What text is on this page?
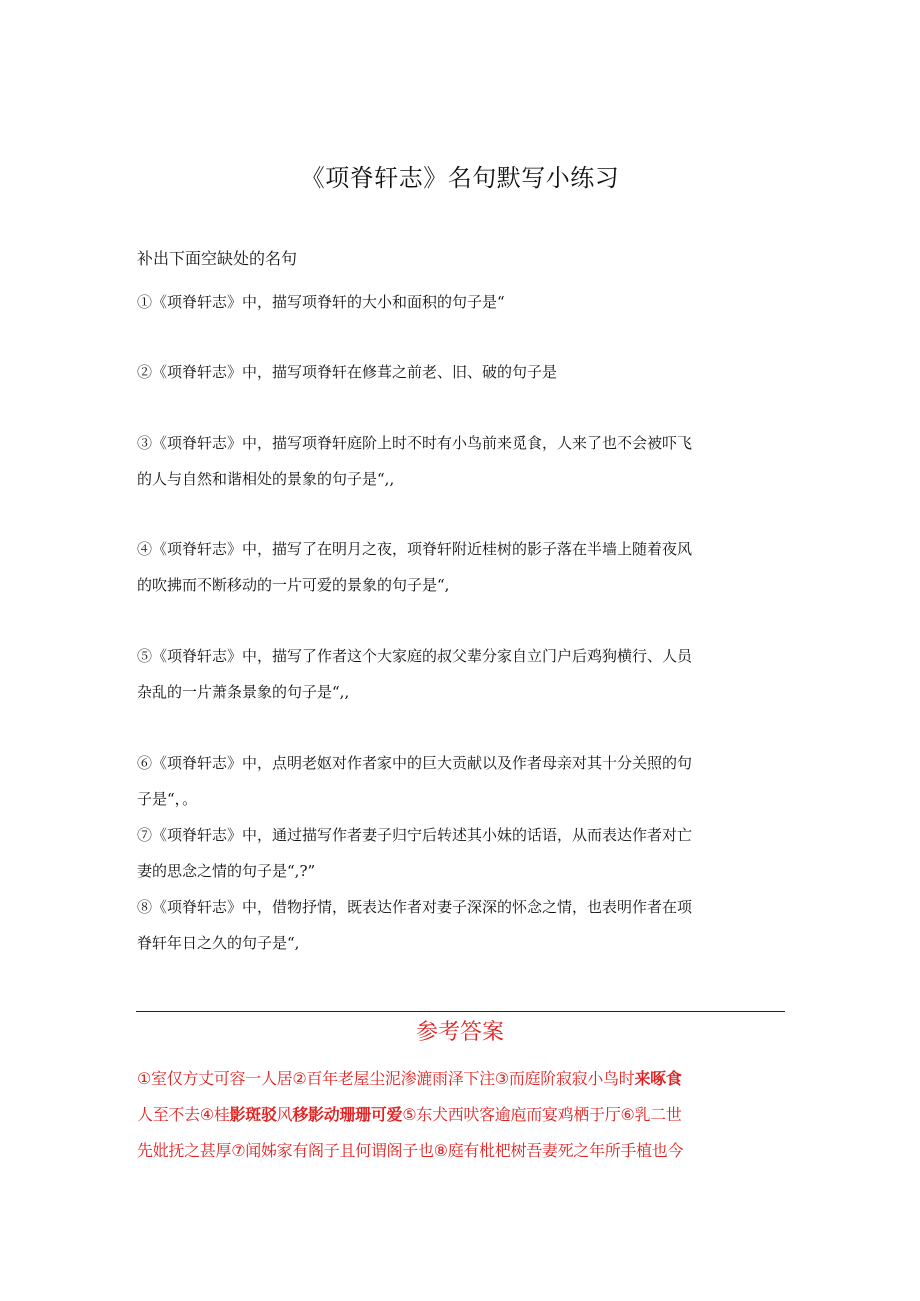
《项脊轩志》名句默写小练习
补出下面空缺处的名句
①《项脊轩志》中，描写项脊轩的大小和面积的句子是“
②《项脊轩志》中，描写项脊轩在修葺之前老、旧、破的句子是
③《项脊轩志》中，描写项脊轩庭阶上时不时有小鸟前来觅食，人来了也不会被吓飞
的人与自然和谐相处的景象的句子是“,,
④《项脊轩志》中，描写了在明月之夜，项脊轩附近桂树的影子落在半墙上随着夜风
的吹拂而不断移动的一片可爱的景象的句子是“,
⑤《项脊轩志》中，描写了作者这个大家庭的叔父辈分家自立门户后鸡狗横行、人员
杂乱的一片萧条景象的句子是“,,
⑥《项脊轩志》中，点明老妪对作者家中的巨大贡献以及作者母亲对其十分关照的句
子是“，。
⑦《项脊轩志》中，通过描写作者妻子归宁后转述其小妹的话语，从而表达作者对亡
妻的思念之情的句子是“,?”
⑧《项脊轩志》中，借物抒情，既表达作者对妻子深深的怀念之情，也表明作者在项
脊轩年日之久的句子是“,
参考答案
①室仅方丈可容一人居②百年老屋尘泥渗漉雨泽下注③而庭阶寂寂小鸟时来啄食
人至不去④桂影斑驳风移影动珊珊可爱⑤东犬西吠客逾庖而宴鸡栖于厅⑥乳二世
先妣抚之甚厚⑦闻姊家有阁子且何谓阁子也⑧庭有枇杷树吾妻死之年所手植也今
